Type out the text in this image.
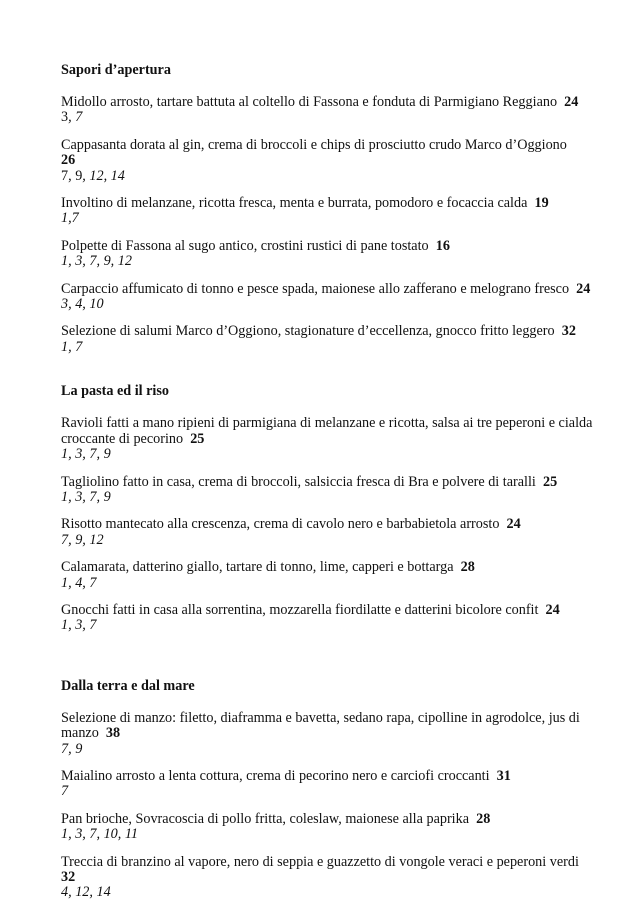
Sapori d’apertura
Midollo arrosto, tartare battuta al coltello di Fassona e fonduta di Parmigiano Reggiano 24
3, 7
Cappasanta dorata al gin, crema di broccoli e chips di prosciutto crudo Marco d’Oggiono
26
7, 9, 12, 14
Involtino di melanzane, ricotta fresca, menta e burrata, pomodoro e focaccia calda 19
1,7
Polpette di Fassona al sugo antico, crostini rustici di pane tostato 16
1, 3, 7, 9, 12
Carpaccio affumicato di tonno e pesce spada, maionese allo zafferano e melograno fresco 24
3, 4, 10
Selezione di salumi Marco d’Oggiono, stagionature d’eccellenza, gnocco fritto leggero 32
1, 7
La pasta ed il riso
Ravioli fatti a mano ripieni di parmigiana di melanzane e ricotta, salsa ai tre peperoni e cialda croccante di pecorino 25
1, 3, 7, 9
Tagliolino fatto in casa, crema di broccoli, salsiccia fresca di Bra e polvere di taralli 25
1, 3, 7, 9
Risotto mantecato alla crescenza, crema di cavolo nero e barbabietola arrosto 24
7, 9, 12
Calamarata, datterino giallo, tartare di tonno, lime, capperi e bottarga 28
1, 4, 7
Gnocchi fatti in casa alla sorrentina, mozzarella fiordilatte e datterini bicolore confit 24
1, 3, 7
Dalla terra e dal mare
Selezione di manzo: filetto, diaframma e bavetta, sedano rapa, cipolline in agrodolce, jus di manzo 38
7, 9
Maialino arrosto a lenta cottura, crema di pecorino nero e carciofi croccanti 31
7
Pan brioche, Sovracoscia di pollo fritta, coleslaw, maionese alla paprika 28
1, 3, 7, 10, 11
Treccia di branzino al vapore, nero di seppia e guazzetto di vongole veraci e peperoni verdi
32
4, 12, 14
